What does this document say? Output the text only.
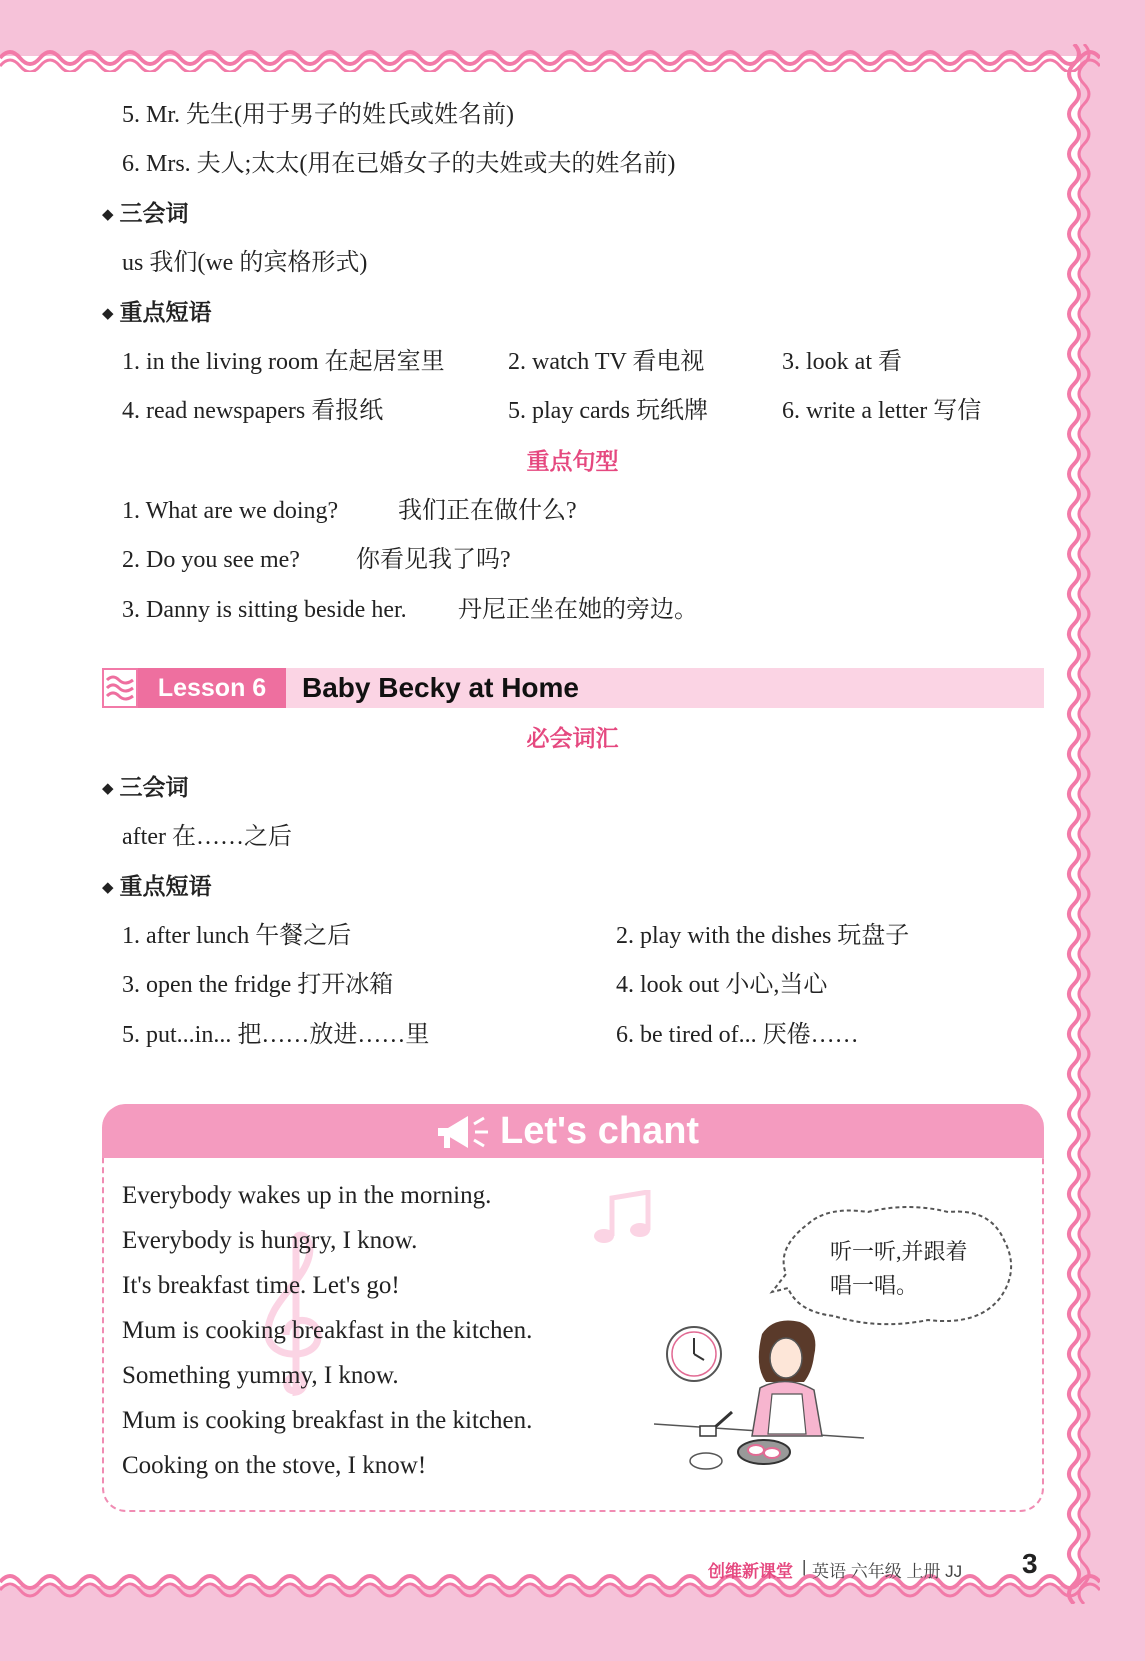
5. Mr. 先生(用于男子的姓氏或姓名前)
6. Mrs. 夫人;太太(用在已婚女子的夫姓或夫的姓名前)
◆ 三会词
us 我们(we 的宾格形式)
◆ 重点短语
1. in the living room 在起居室里	2. watch TV 看电视	3. look at 看
4. read newspapers 看报纸	5. play cards 玩纸牌	6. write a letter 写信
重点句型
1. What are we doing? 我们正在做什么?
2. Do you see me? 你看见我了吗?
3. Danny is sitting beside her. 丹尼正坐在她的旁边。
Lesson 6	Baby Becky at Home
必会词汇
◆ 三会词
after 在……之后
◆ 重点短语
1. after lunch 午餐之后	2. play with the dishes 玩盘子
3. open the fridge 打开冰箱	4. look out 小心,当心
5. put...in... 把……放进……里	6. be tired of... 厌倦……
Let's chant
Everybody wakes up in the morning.
Everybody is hungry, I know.
It's breakfast time. Let's go!
Mum is cooking breakfast in the kitchen.
Something yummy, I know.
Mum is cooking breakfast in the kitchen.
Cooking on the stove, I know!
听一听,并跟着
唱一唱。
创维新课堂 | 英语 六年级 上册 JJ 3
